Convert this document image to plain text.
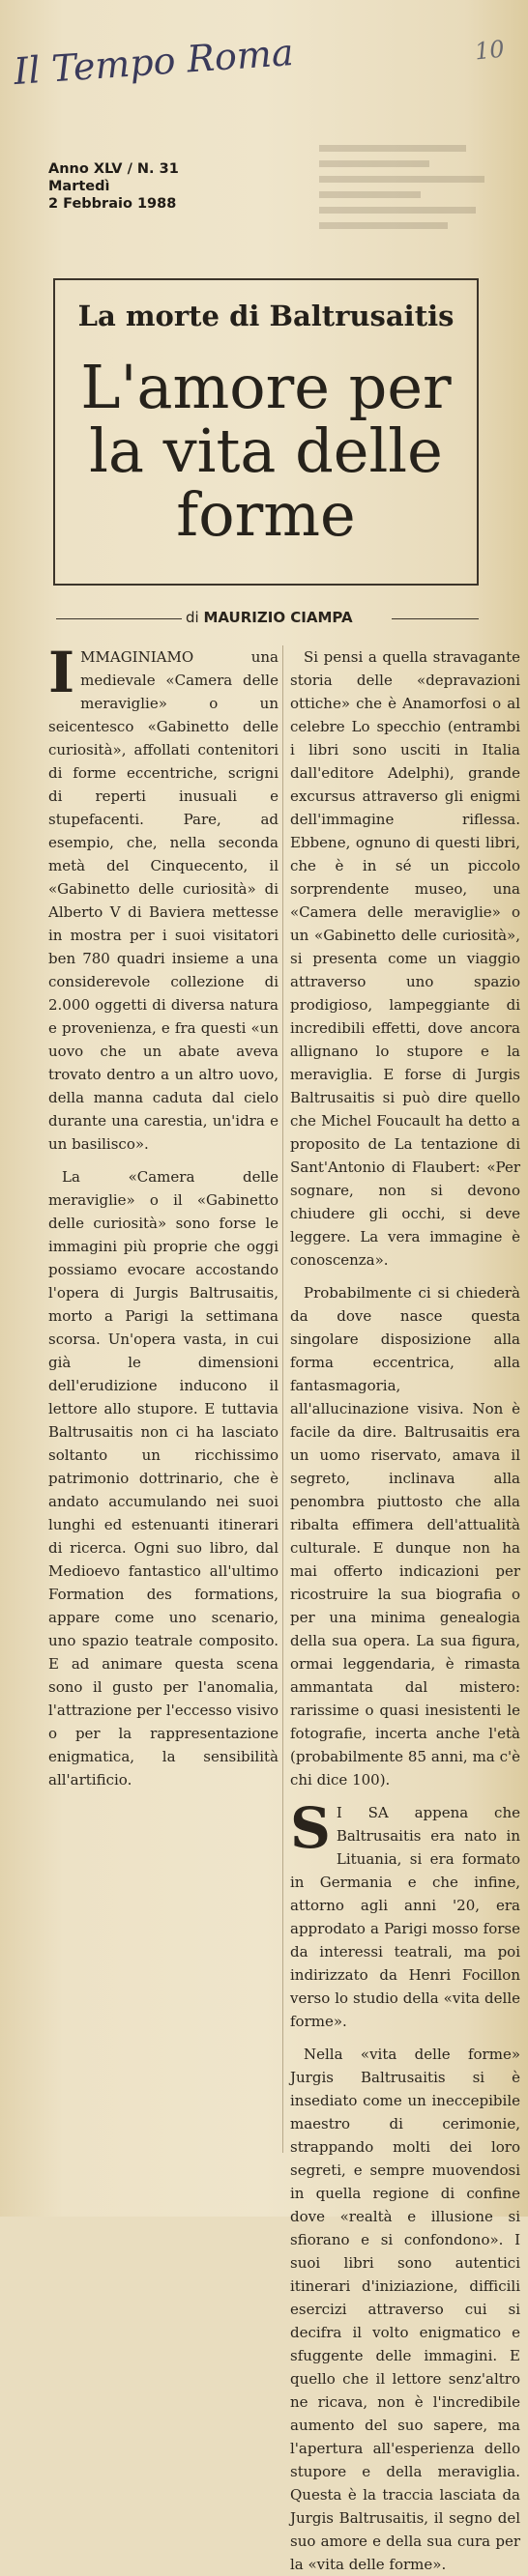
Il Tempo Roma	10
Anno XLV / N. 31
Martedì
2 Febbraio 1988
La morte di Baltrusaitis
L'amore per la vita delle forme
di MAURIZIO CIAMPA

IMMAGINIAMO una medievale «Camera delle meraviglie» o un seicentesco «Gabinetto delle curiosità», affollati contenitori di forme eccentriche, scrigni di reperti inusuali e stupefacenti. Pare, ad esempio, che, nella seconda metà del Cinquecento, il «Gabinetto delle curiosità» di Alberto V di Baviera mettesse in mostra per i suoi visitatori ben 780 quadri insieme a una considerevole collezione di 2.000 oggetti di diversa natura e provenienza, e fra questi «un uovo che un abate aveva trovato dentro a un altro uovo, della manna caduta dal cielo durante una carestia, un'idra e un basilisco».

La «Camera delle meraviglie» o il «Gabinetto delle curiosità» sono forse le immagini più proprie che oggi possiamo evocare accostando l'opera di Jurgis Baltrusaitis, morto a Parigi la settimana scorsa. Un'opera vasta, in cui già le dimensioni dell'erudizione inducono il lettore allo stupore. E tuttavia Baltrusaitis non ci ha lasciato soltanto un ricchissimo patrimonio dottrinario, che è andato accumulando nei suoi lunghi ed estenuanti itinerari di ricerca. Ogni suo libro, dal Medioevo fantastico all'ultimo Formation des formations, appare come uno scenario, uno spazio teatrale composito. E ad animare questa scena sono il gusto per l'anomalia, l'attrazione per l'eccesso visivo o per la rappresentazione enigmatica, la sensibilità all'artificio.

Si pensi a quella stravagante storia delle «depravazioni ottiche» che è Anamorfosi o al celebre Lo specchio (entrambi i libri sono usciti in Italia dall'editore Adelphi), grande excursus attraverso gli enigmi dell'immagine riflessa. Ebbene, ognuno di questi libri, che è in sé un piccolo sorprendente museo, una «Camera delle meraviglie» o un «Gabinetto delle curiosità», si presenta come un viaggio attraverso uno spazio prodigioso, lampeggiante di incredibili effetti, dove ancora allignano lo stupore e la meraviglia. E forse di Jurgis Baltrusaitis si può dire quello che Michel Foucault ha detto a proposito de La tentazione di Sant'Antonio di Flaubert: «Per sognare, non si devono chiudere gli occhi, si deve leggere. La vera immagine è conoscenza».

Probabilmente ci si chiederà da dove nasce questa singolare disposizione alla forma eccentrica, alla fantasmagoria, all'allucinazione visiva. Non è facile da dire. Baltrusaitis era un uomo riservato, amava il segreto, inclinava alla penombra piuttosto che alla ribalta effimera dell'attualità culturale. E dunque non ha mai offerto indicazioni per ricostruire la sua biografia o per una minima genealogia della sua opera. La sua figura, ormai leggendaria, è rimasta ammantata dal mistero: rarissime o quasi inesistenti le fotografie, incerta anche l'età (probabilmente 85 anni, ma c'è chi dice 100).

S I SA appena che Baltrusaitis era nato in Lituania, si era formato in Germania e che infine, attorno agli anni '20, era approdato a Parigi mosso forse da interessi teatrali, ma poi indirizzato da Henri Focillon verso lo studio della «vita delle forme».

Nella «vita delle forme» Jurgis Baltrusaitis si è insediato come un ineccepibile maestro di cerimonie, strappando molti dei loro segreti, e sempre muovendosi in quella regione di confine dove «realtà e illusione si sfiorano e si confondono». I suoi libri sono autentici itinerari d'iniziazione, difficili esercizi attraverso cui si decifra il volto enigmatico e sfuggente delle immagini. E quello che il lettore senz'altro ne ricava, non è l'incredibile aumento del suo sapere, ma l'apertura all'esperienza dello stupore e della meraviglia. Questa è la traccia lasciata da Jurgis Baltrusaitis, il segno del suo amore e della sua cura per la «vita delle forme».
